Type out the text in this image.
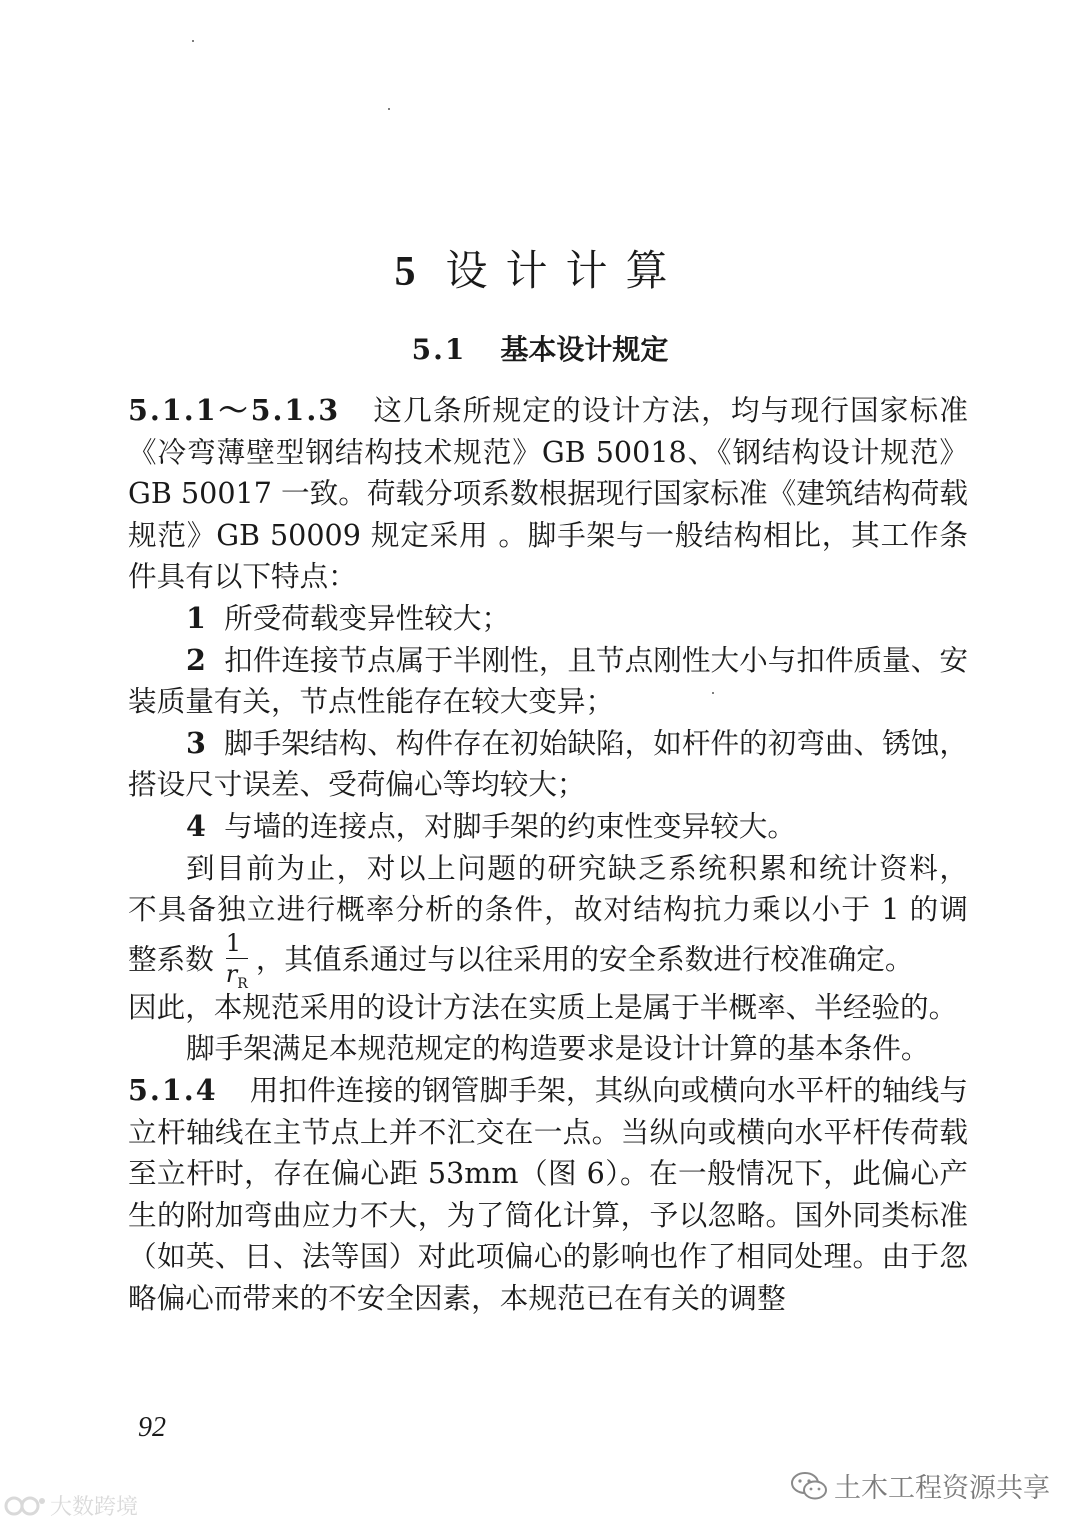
5 设计计算
5.1 基本设计规定

5.1.1～5.1.3 这几条所规定的设计方法，均与现行国家标准《冷弯薄壁型钢结构技术规范》GB 50018、《钢结构设计规范》GB 50017 一致。荷载分项系数根据现行国家标准《建筑结构荷载规范》GB 50009 规定采用 。脚手架与一般结构相比，其工作条件具有以下特点：

1 所受荷载变异性较大；

2 扣件连接节点属于半刚性，且节点刚性大小与扣件质量、安装质量有关，节点性能存在较大变异；

3 脚手架结构、构件存在初始缺陷，如杆件的初弯曲、锈蚀，搭设尺寸误差、受荷偏心等均较大；

4 与墙的连接点，对脚手架的约束性变异较大。

到目前为止，对以上问题的研究缺乏系统积累和统计资料，

不具备独立进行概率分析的条件，故对结构抗力乘以小于 1 的调

整系数 $\frac{1}{r_R}$ ，其值系通过与以往采用的安全系数进行校准确定。

因此，本规范采用的设计方法在实质上是属于半概率、半经验的。

脚手架满足本规范规定的构造要求是设计计算的基本条件。

5.1.4 用扣件连接的钢管脚手架，其纵向或横向水平杆的轴线与立杆轴线在主节点上并不汇交在一点。当纵向或横向水平杆传荷载至立杆时，存在偏心距 53mm（图 6）。在一般情况下，此偏心产生的附加弯曲应力不大，为了简化计算，予以忽略。国外同类标准（如英、日、法等国）对此项偏心的影响也作了相同处理。由于忽略偏心而带来的不安全因素，本规范已在有关的调整

92
土木工程资源共享
大数跨境
